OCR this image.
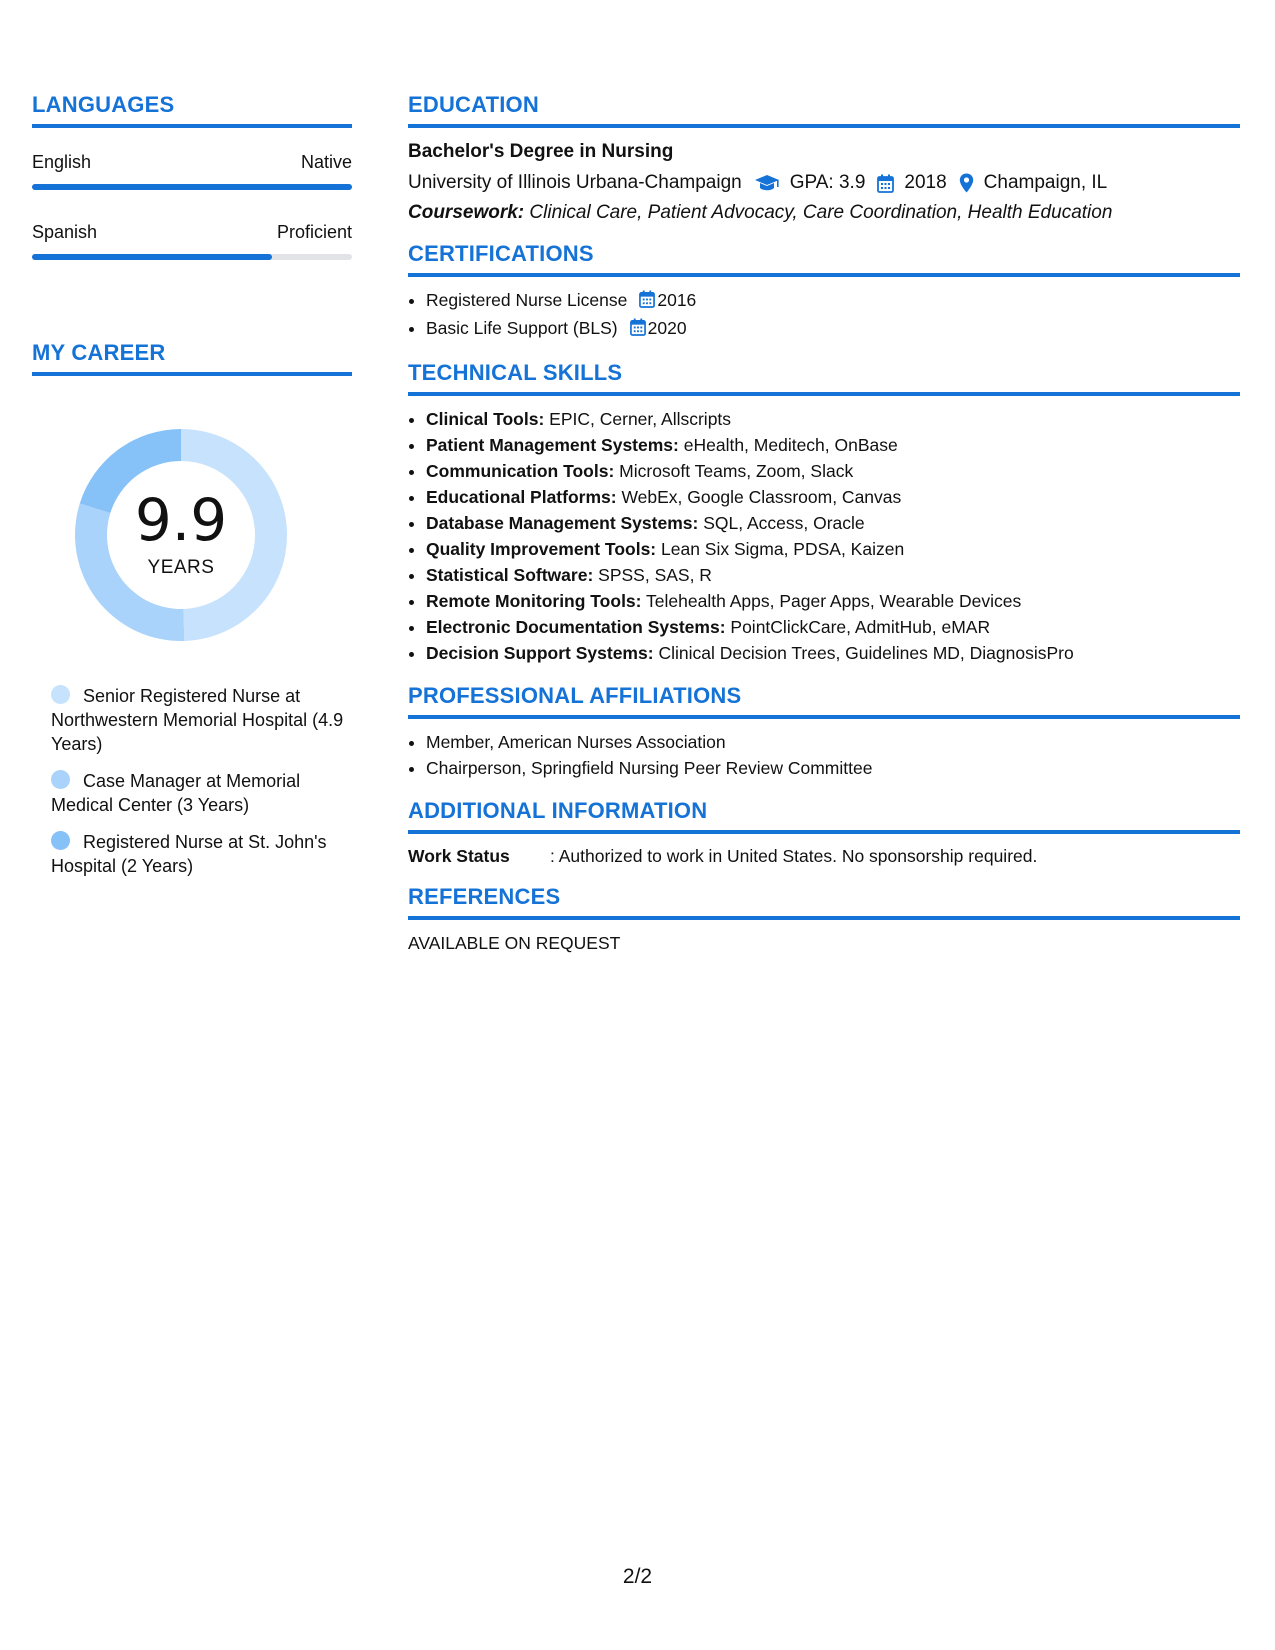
LANGUAGES
English	Native
Spanish	Proficient
MY CAREER
9.9
YEARS
Senior Registered Nurse at Northwestern Memorial Hospital (4.9 Years)
Case Manager at Memorial Medical Center (3 Years)
Registered Nurse at St. John's Hospital (2 Years)
EDUCATION
Bachelor's Degree in Nursing
University of Illinois Urbana-Champaign	GPA: 3.9 2018 Champaign, IL
Coursework: Clinical Care, Patient Advocacy, Care Coordination, Health Education
CERTIFICATIONS
• Registered Nurse License 2016
• Basic Life Support (BLS) 2020
TECHNICAL SKILLS
• Clinical Tools: EPIC, Cerner, Allscripts
• Patient Management Systems: eHealth, Meditech, OnBase
• Communication Tools: Microsoft Teams, Zoom, Slack
• Educational Platforms: WebEx, Google Classroom, Canvas
• Database Management Systems: SQL, Access, Oracle
• Quality Improvement Tools: Lean Six Sigma, PDSA, Kaizen
• Statistical Software: SPSS, SAS, R
• Remote Monitoring Tools: Telehealth Apps, Pager Apps, Wearable Devices
• Electronic Documentation Systems: PointClickCare, AdmitHub, eMAR
• Decision Support Systems: Clinical Decision Trees, Guidelines MD, DiagnosisPro
PROFESSIONAL AFFILIATIONS
• Member, American Nurses Association
• Chairperson, Springfield Nursing Peer Review Committee
ADDITIONAL INFORMATION
Work Status	: Authorized to work in United States. No sponsorship required.
REFERENCES
AVAILABLE ON REQUEST
2/2
